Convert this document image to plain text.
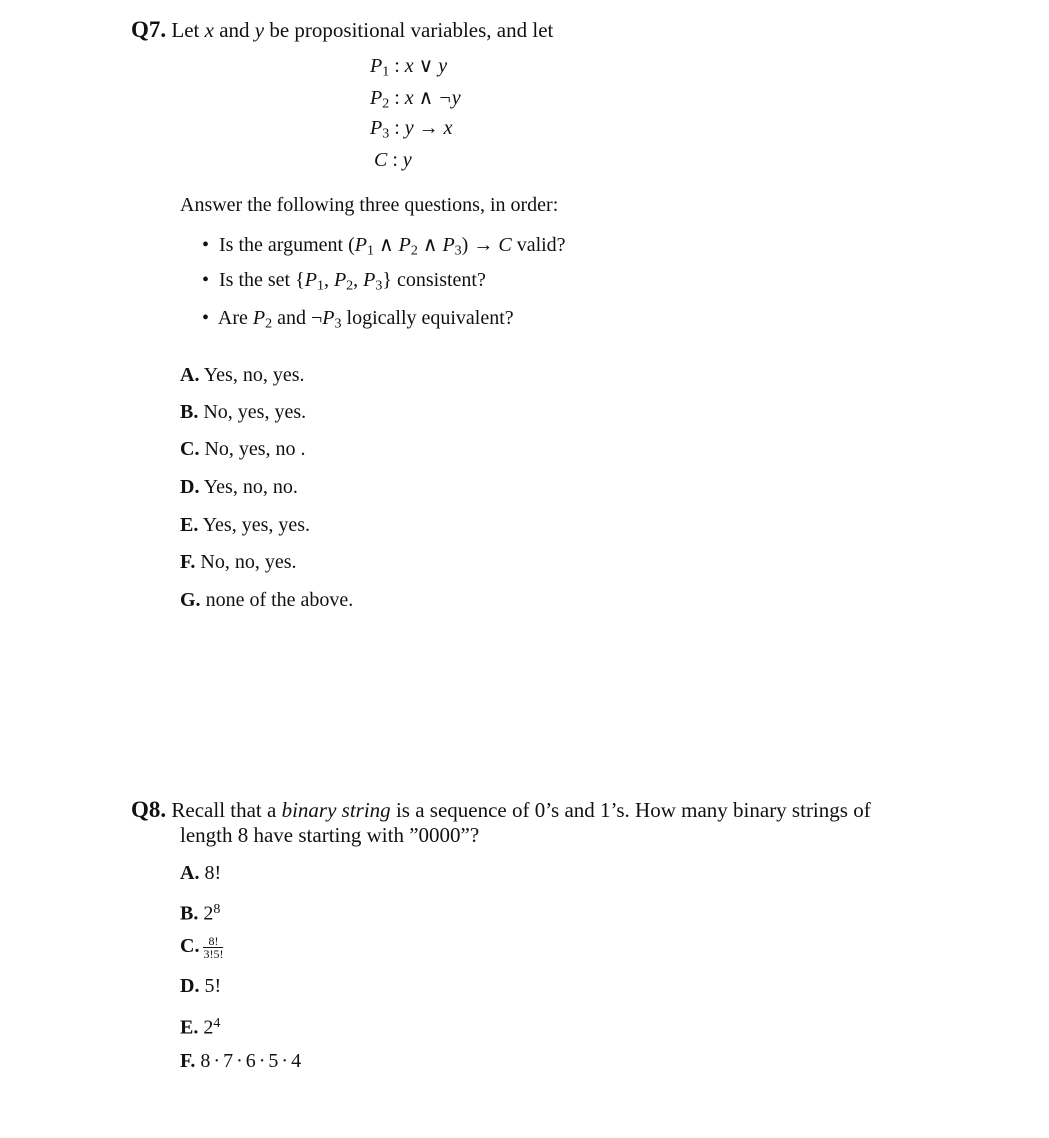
Q7. Let x and y be propositional variables, and let
$P_1$ : x ∨ y
$P_2$ : x ∧ ¬y
$P_3$ : y → x
C : y
Answer the following three questions, in order:
• Is the argument ($P_1$ ∧ $P_2$ ∧ $P_3) \to C$ valid?
• Is the set {$P_1$, $P_2$, $P_3$} consistent?
• Are $P_2$ and $\neg P_3$ logically equivalent?
A. Yes, no, yes.
B. No, yes, yes.
C. No, yes, no .
D. Yes, no, no.
E. Yes, yes, yes.
F. No, no, yes.
G. none of the above.
Q8. Recall that a binary string is a sequence of 0’s and 1’s. How many binary strings of
length 8 have starting with ”0000”?
A. 8!
B. $2^8$
C. $\frac{8!}{3!5!}$
D. 5!
E. $2^4$
F. 8 · 7 · 6 · 5 · 4
